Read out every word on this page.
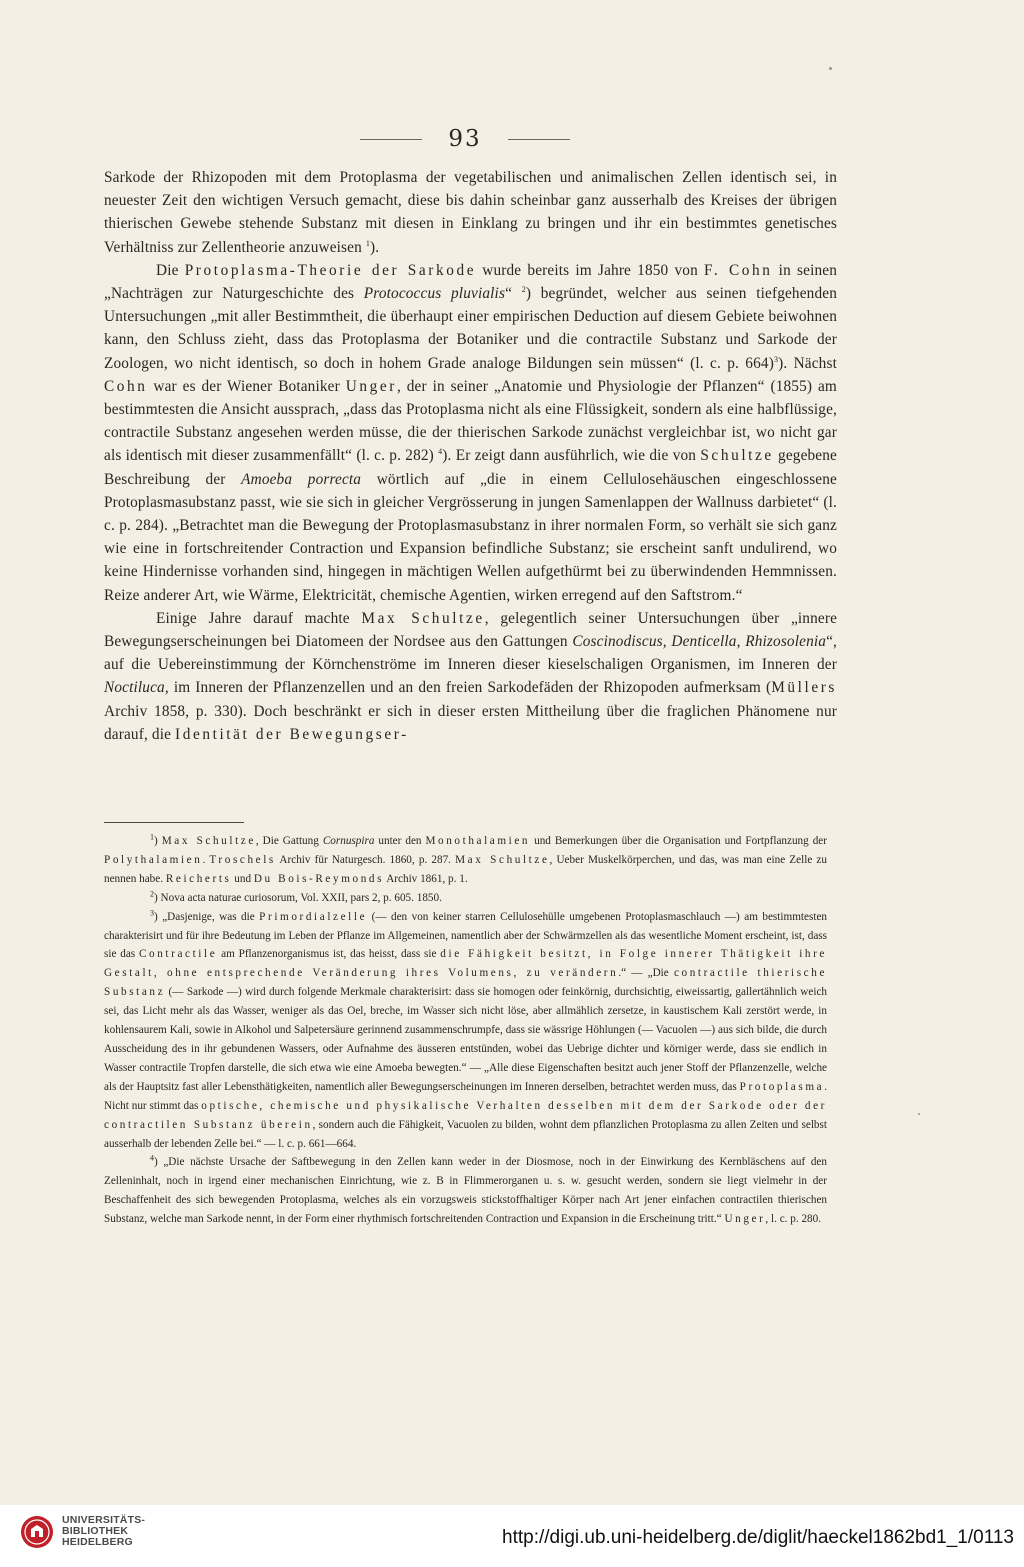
93

Sarkode der Rhizopoden mit dem Protoplasma der vegetabilischen und animalischen Zellen identisch sei, in neuester Zeit den wichtigen Versuch gemacht, diese bis dahin scheinbar ganz ausserhalb des Kreises der übrigen thierischen Gewebe stehende Substanz mit diesen in Einklang zu bringen und ihr ein bestimmtes genetisches Verhältniss zur Zellentheorie anzuweisen $^1$).

Die Protoplasma-Theorie der Sarkode wurde bereits im Jahre 1850 von F. Cohn in seinen „Nachträgen zur Naturgeschichte des Protococcus pluvialis“ $^2$) begründet, welcher aus seinen tiefgehenden Untersuchungen „mit aller Bestimmtheit, die überhaupt einer empirischen Deduction auf diesem Gebiete beiwohnen kann, den Schluss zieht, dass das Protoplasma der Botaniker und die contractile Substanz und Sarkode der Zoologen, wo nicht identisch, so doch in hohem Grade analoge Bildungen sein müssen“ (l. c. p. 664)$^3$). Nächst Cohn war es der Wiener Botaniker Unger, der in seiner „Anatomie und Physiologie der Pflanzen“ (1855) am bestimmtesten die Ansicht aussprach, „dass das Protoplasma nicht als eine Flüssigkeit, sondern als eine halbflüssige, contractile Substanz angesehen werden müsse, die der thierischen Sarkode zunächst vergleichbar ist, wo nicht gar als identisch mit dieser zusammenfällt“ (l. c. p. 282) $^4$). Er zeigt dann ausführlich, wie die von Schultze gegebene Beschreibung der Amoeba porrecta wörtlich auf „die in einem Cellulosehäuschen eingeschlossene Protoplasmasubstanz passt, wie sie sich in gleicher Vergrösserung in jungen Samenlappen der Wallnuss darbietet“ (l. c. p. 284). „Betrachtet man die Bewegung der Protoplasmasubstanz in ihrer normalen Form, so verhält sie sich ganz wie eine in fortschreitender Contraction und Expansion befindliche Substanz; sie erscheint sanft undulirend, wo keine Hindernisse vorhanden sind, hingegen in mächtigen Wellen aufgethürmt bei zu überwindenden Hemmnissen. Reize anderer Art, wie Wärme, Elektricität, chemische Agentien, wirken erregend auf den Saftstrom.“

Einige Jahre darauf machte Max Schultze, gelegentlich seiner Untersuchungen über „innere Bewegungserscheinungen bei Diatomeen der Nordsee aus den Gattungen Coscinodiscus, Denticella, Rhizosolenia“, auf die Uebereinstimmung der Körnchenströme im Inneren dieser kieselschaligen Organismen, im Inneren der Noctiluca, im Inneren der Pflanzenzellen und an den freien Sarkodefäden der Rhizopoden aufmerksam (Müllers Archiv 1858, p. 330). Doch beschränkt er sich in dieser ersten Mittheilung über die fraglichen Phänomene nur darauf, die Identität der Bewegungser-

$^1$) Max Schultze, Die Gattung Cornuspira unter den Monothalamien und Bemerkungen über die Organisation und Fortpflanzung der Polythalamien. Troschels Archiv für Naturgesch. 1860, p. 287. Max Schultze, Ueber Muskelkörperchen, und das, was man eine Zelle zu nennen habe. Reicherts und Du Bois-Reymonds Archiv 1861, p. 1.

$^2$) Nova acta naturae curiosorum, Vol. XXII, pars 2, p. 605. 1850.

$^3$) „Dasjenige, was die Primordialzelle (— den von keiner starren Cellulosehülle umgebenen Protoplasmaschlauch —) am bestimmtesten charakterisirt und für ihre Bedeutung im Leben der Pflanze im Allgemeinen, namentlich aber der Schwärmzellen als das wesentliche Moment erscheint, ist, dass sie das Contractile am Pflanzenorganismus ist, das heisst, dass sie die Fähigkeit besitzt, in Folge innerer Thätigkeit ihre Gestalt, ohne entsprechende Veränderung ihres Volumens, zu verändern.“ — „Die contractile thierische Substanz (— Sarkode —) wird durch folgende Merkmale charakterisirt: dass sie homogen oder feinkörnig, durchsichtig, eiweissartig, gallertähnlich weich sei, das Licht mehr als das Wasser, weniger als das Oel, breche, im Wasser sich nicht löse, aber allmählich zersetze, in kaustischem Kali zerstört werde, in kohlensaurem Kali, sowie in Alkohol und Salpetersäure gerinnend zusammenschrumpfe, dass sie wässrige Höhlungen (— Vacuolen —) aus sich bilde, die durch Ausscheidung des in ihr gebundenen Wassers, oder Aufnahme des äusseren entstünden, wobei das Uebrige dichter und körniger werde, dass sie endlich in Wasser contractile Tropfen darstelle, die sich etwa wie eine Amoeba bewegten.“ — „Alle diese Eigenschaften besitzt auch jener Stoff der Pflanzenzelle, welche als der Hauptsitz fast aller Lebensthätigkeiten, namentlich aller Bewegungserscheinungen im Inneren derselben, betrachtet werden muss, das Protoplasma. Nicht nur stimmt das optische, chemische und physikalische Verhalten desselben mit dem der Sarkode oder der contractilen Substanz überein, sondern auch die Fähigkeit, Vacuolen zu bilden, wohnt dem pflanzlichen Protoplasma zu allen Zeiten und selbst ausserhalb der lebenden Zelle bei.“ — l. c. p. 661—664.

$^4$) „Die nächste Ursache der Saftbewegung in den Zellen kann weder in der Diosmose, noch in der Einwirkung des Kernbläschens auf den Zelleninhalt, noch in irgend einer mechanischen Einrichtung, wie z. B in Flimmerorganen u. s. w. gesucht werden, sondern sie liegt vielmehr in der Beschaffenheit des sich bewegenden Protoplasma, welches als ein vorzugsweis stickstoffhaltiger Körper nach Art jener einfachen contractilen thierischen Substanz, welche man Sarkode nennt, in der Form einer rhythmisch fortschreitenden Contraction und Expansion in die Erscheinung tritt.“ Unger, l. c. p. 280.

UNIVERSITÄTS-
BIBLIOTHEK
HEIDELBERG	http://digi.ub.uni-heidelberg.de/diglit/haeckel1862bd1_1/0113
